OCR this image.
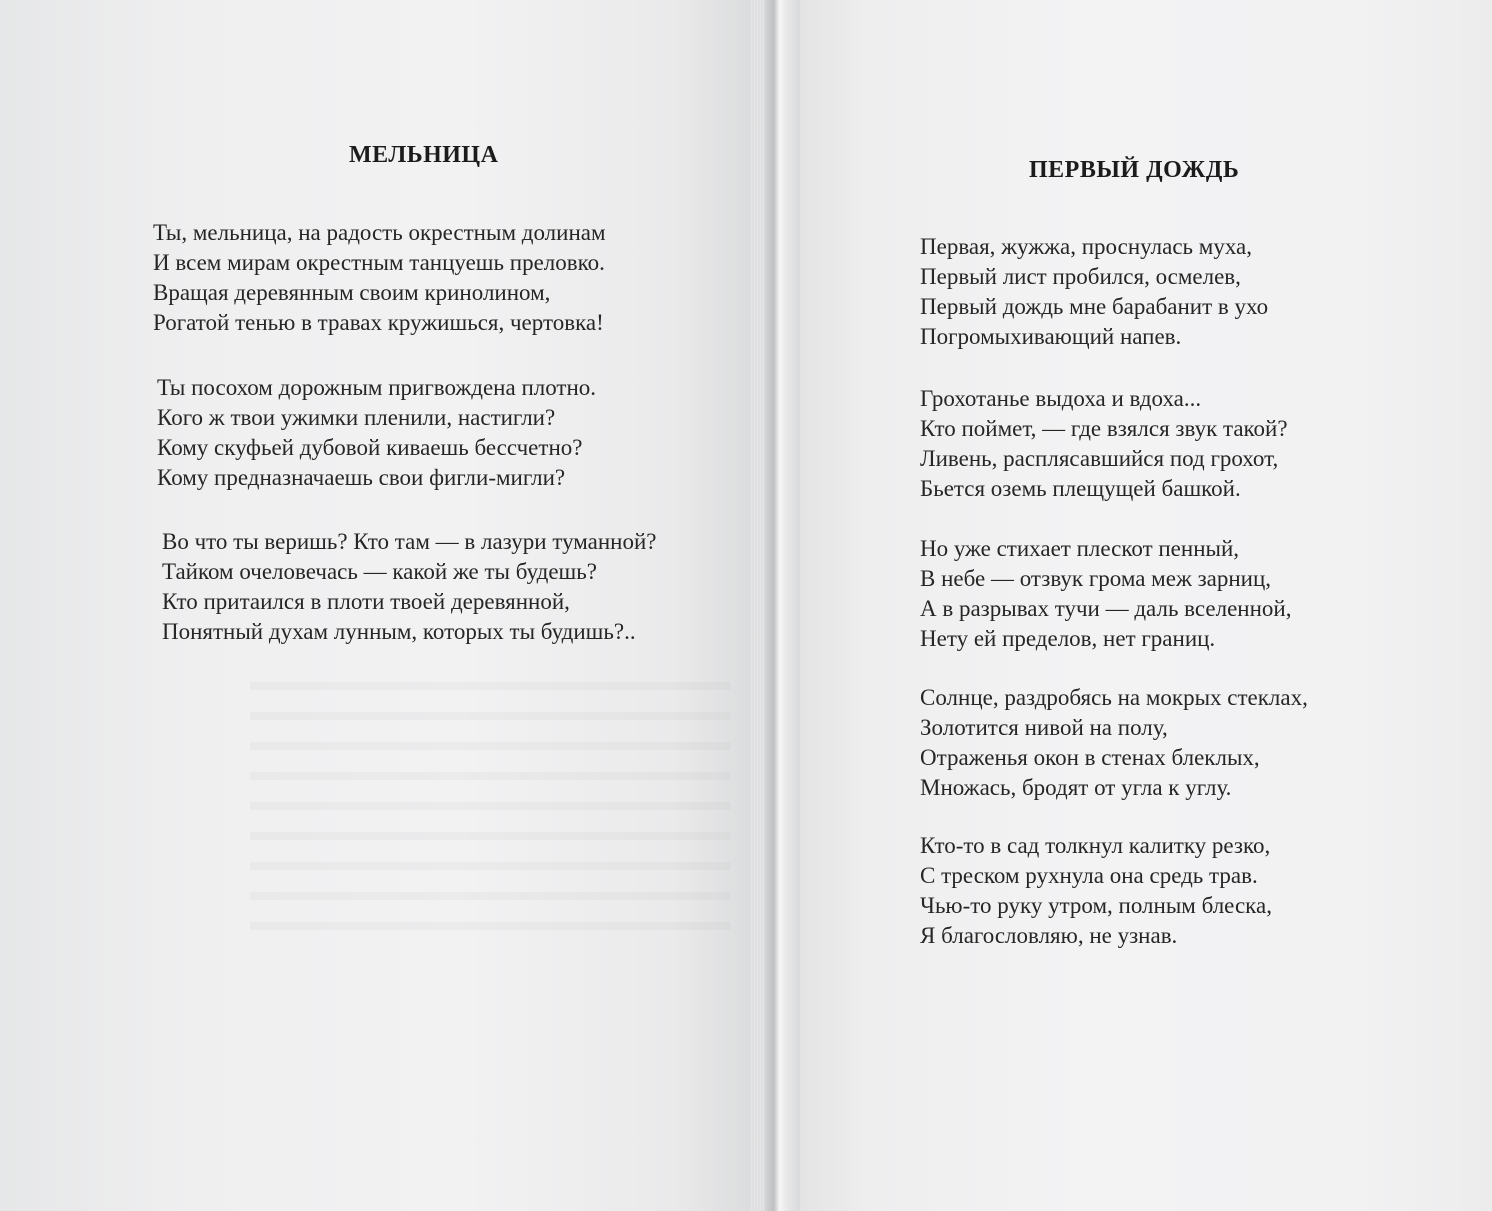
МЕЛЬНИЦА
Ты, мельница, на радость окрестным долинам
И всем мирам окрестным танцуешь преловко.
Вращая деревянным своим кринолином,
Рогатой тенью в травах кружишься, чертовка!
Ты посохом дорожным пригвождена плотно.
Кого ж твои ужимки пленили, настигли?
Кому скуфьей дубовой киваешь бессчетно?
Кому предназначаешь свои фигли-мигли?
Во что ты веришь? Кто там — в лазури туманной?
Тайком очеловечась — какой же ты будешь?
Кто притаился в плоти твоей деревянной,
Понятный духам лунным, которых ты будишь?..
ПЕРВЫЙ ДОЖДЬ
Первая, жужжа, проснулась муха,
Первый лист пробился, осмелев,
Первый дождь мне барабанит в ухо
Погромыхивающий напев.
Грохотанье выдоха и вдоха...
Кто поймет, — где взялся звук такой?
Ливень, расплясавшийся под грохот,
Бьется оземь плещущей башкой.
Но уже стихает плескот пенный,
В небе — отзвук грома меж зарниц,
А в разрывах тучи — даль вселенной,
Нету ей пределов, нет границ.
Солнце, раздробясь на мокрых стеклах,
Золотится нивой на полу,
Отраженья окон в стенах блеклых,
Множась, бродят от угла к углу.
Кто-то в сад толкнул калитку резко,
С треском рухнула она средь трав.
Чью-то руку утром, полным блеска,
Я благословляю, не узнав.
